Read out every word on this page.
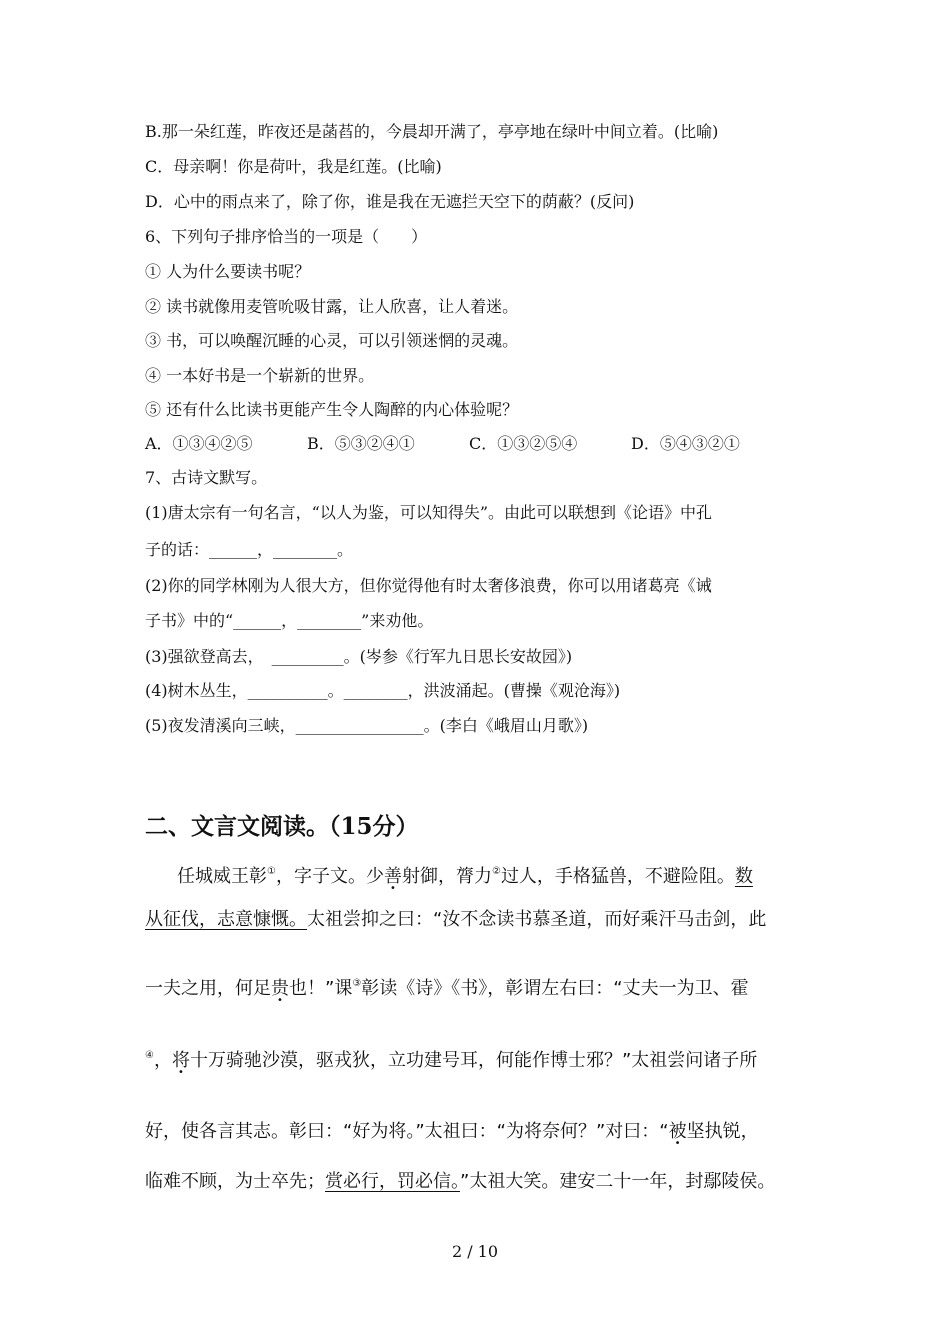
B.那一朵红莲，昨夜还是菡萏的，今晨却开满了，亭亭地在绿叶中间立着。(比喻)
C．母亲啊！你是荷叶，我是红莲。(比喻)
D．心中的雨点来了，除了你，谁是我在无遮拦天空下的荫蔽？(反问)
6、下列句子排序恰当的一项是（　　）
① 人为什么要读书呢？
② 读书就像用麦管吮吸甘露，让人欣喜，让人着迷。
③ 书，可以唤醒沉睡的心灵，可以引领迷惘的灵魂。
④ 一本好书是一个崭新的世界。
⑤ 还有什么比读书更能产生令人陶醉的内心体验呢？
A．①③④②⑤	B．⑤③②④①	C．①③②⑤④	D．⑤④③②①
7、古诗文默写。
(1)唐太宗有一句名言，“以人为鉴，可以知得失”。由此可以联想到《论语》中孔
子的话：______，________。
(2)你的同学林刚为人很大方，但你觉得他有时太奢侈浪费，你可以用诸葛亮《诫
子书》中的“______，________”来劝他。
(3)强欲登高去，　_________。(岑参《行军九日思长安故园》)
(4)树木丛生，__________。________，洪波涌起。(曹操《观沧海》)
(5)夜发清溪向三峡，________________。(李白《峨眉山月歌》)
二、文言文阅读。（15分）
任城威王彰①，字子文。少善射御，膂力②过人，手格猛兽，不避险阻。数
从征伐，志意慷慨。太祖尝抑之曰：“汝不念读书慕圣道，而好乘汗马击剑，此
一夫之用，何足贵也！”课③彰读《诗》《书》，彰谓左右曰：“丈夫一为卫、霍
④，将十万骑驰沙漠，驱戎狄，立功建号耳，何能作博士邪？”太祖尝问诸子所
好，使各言其志。彰曰：“好为将。”太祖曰：“为将奈何？”对曰：“被坚执锐，
临难不顾，为士卒先；赏必行，罚必信。”太祖大笑。建安二十一年，封鄢陵侯。
2 / 10
